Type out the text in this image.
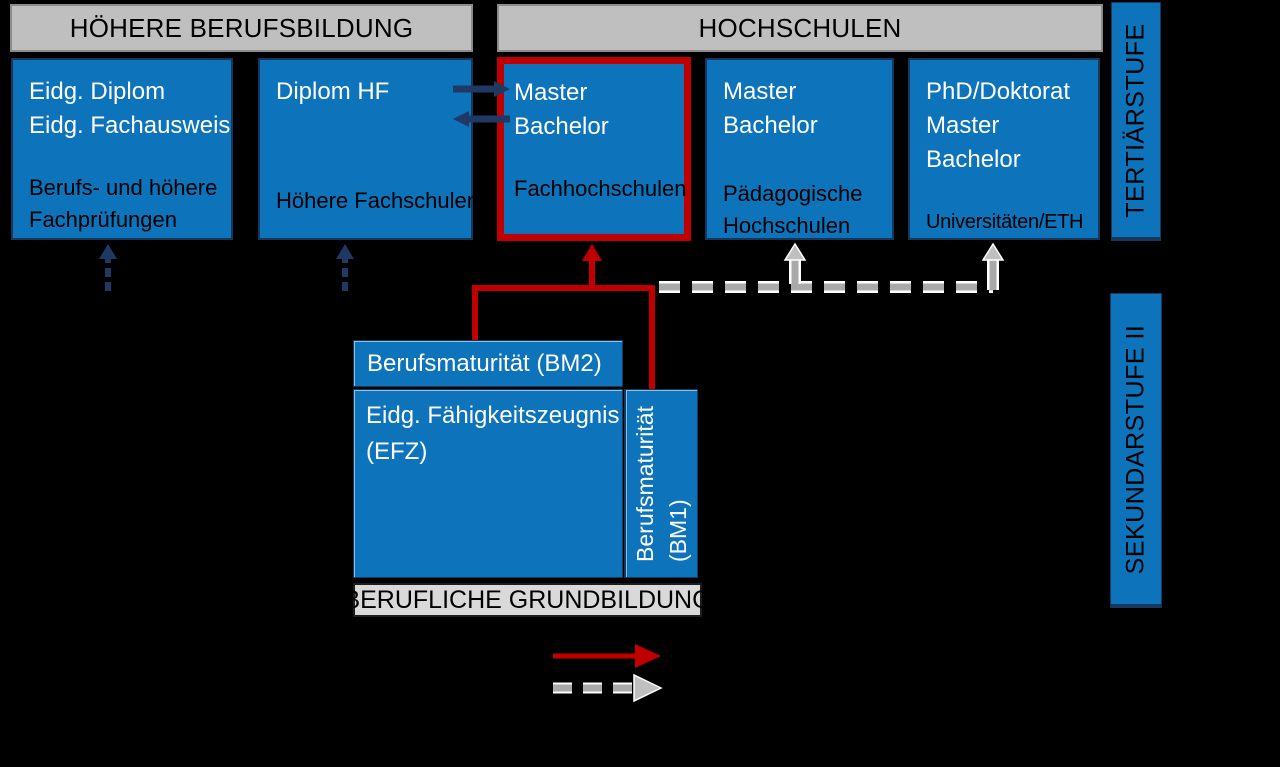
HÖHERE BERUFSBILDUNG	HOCHSCHULEN
Eidg. Diplom
Eidg. Fachausweis
Berufs- und höhere Fachprüfungen
Diplom HF
Höhere Fachschulen
Master
Bachelor
Fachhochschulen
Master
Bachelor
Pädagogische Hochschulen
PhD/Doktorat
Master
Bachelor
Universitäten/ETH
TERTIÄRSTUFE
SEKUNDARSTUFE II
Berufsmaturität (BM2)
Eidg. Fähigkeitszeugnis
(EFZ)	Berufsmaturität (BM1)
BERUFLICHE GRUNDBILDUNG
